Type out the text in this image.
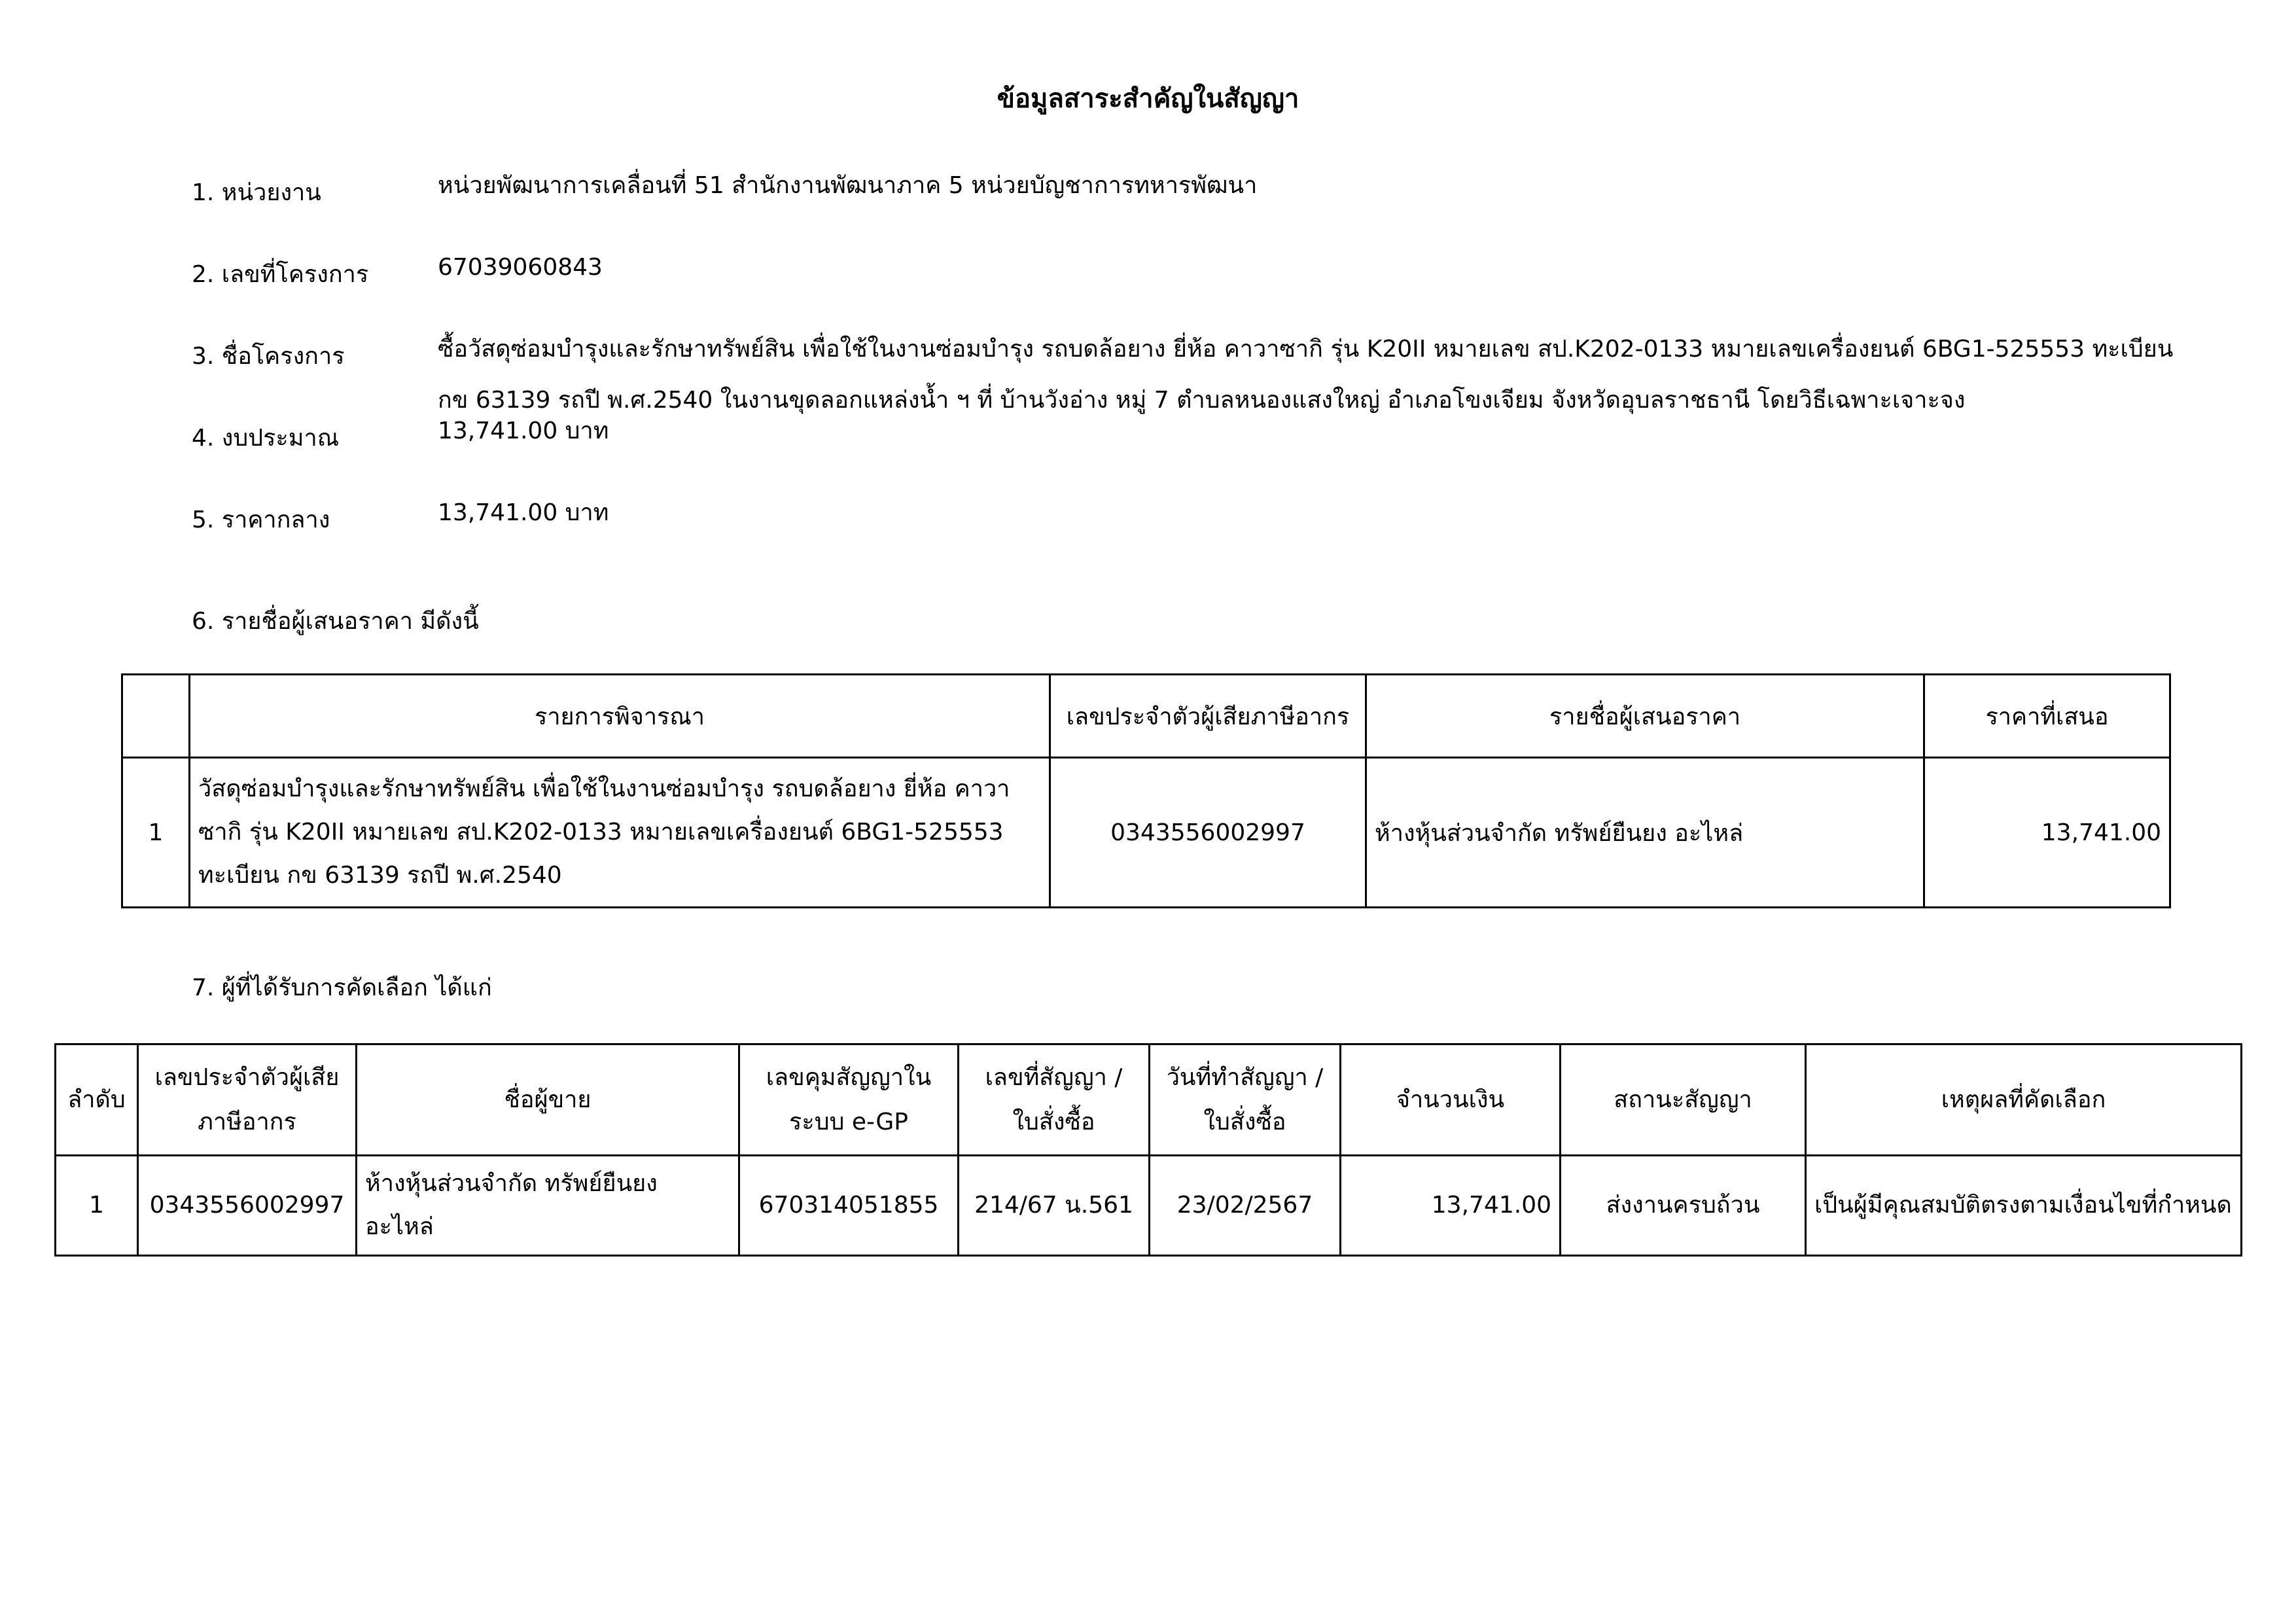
ข้อมูลสาระสำคัญในสัญญา
1. หน่วยงาน	หน่วยพัฒนาการเคลื่อนที่ 51 สำนักงานพัฒนาภาค 5 หน่วยบัญชาการทหารพัฒนา
2. เลขที่โครงการ	67039060843
3. ชื่อโครงการ	ซื้อวัสดุซ่อมบำรุงและรักษาทรัพย์สิน เพื่อใช้ในงานซ่อมบำรุง รถบดล้อยาง ยี่ห้อ คาวาซากิ รุ่น K20II หมายเลข สป.K202-0133 หมายเลขเครื่องยนต์ 6BG1-525553 ทะเบียน กข 63139 รถปี พ.ศ.2540 ในงานขุดลอกแหล่งน้ำ ฯ ที่ บ้านวังอ่าง หมู่ 7 ตำบลหนองแสงใหญ่ อำเภอโขงเจียม จังหวัดอุบลราชธานี โดยวิธีเฉพาะเจาะจง
4. งบประมาณ	13,741.00 บาท
5. ราคากลาง	13,741.00 บาท
6. รายชื่อผู้เสนอราคา มีดังนี้
	รายการพิจารณา	เลขประจำตัวผู้เสียภาษีอากร	รายชื่อผู้เสนอราคา	ราคาที่เสนอ
1	วัสดุซ่อมบำรุงและรักษาทรัพย์สิน เพื่อใช้ในงานซ่อมบำรุง รถบดล้อยาง ยี่ห้อ คาวาซากิ รุ่น K20II หมายเลข สป.K202-0133 หมายเลขเครื่องยนต์ 6BG1-525553 ทะเบียน กข 63139 รถปี พ.ศ.2540	0343556002997	ห้างหุ้นส่วนจำกัด ทรัพย์ยืนยง อะไหล่	13,741.00
7. ผู้ที่ได้รับการคัดเลือก ได้แก่
ลำดับ	เลขประจำตัวผู้เสียภาษีอากร	ชื่อผู้ขาย	เลขคุมสัญญาในระบบ e-GP	เลขที่สัญญา /ใบสั่งซื้อ	วันที่ทำสัญญา /ใบสั่งซื้อ	จำนวนเงิน	สถานะสัญญา	เหตุผลที่คัดเลือก
1	0343556002997	ห้างหุ้นส่วนจำกัด ทรัพย์ยืนยง อะไหล่	670314051855	214/67 น.561	23/02/2567	13,741.00	ส่งงานครบถ้วน	เป็นผู้มีคุณสมบัติตรงตามเงื่อนไขที่กำหนด
